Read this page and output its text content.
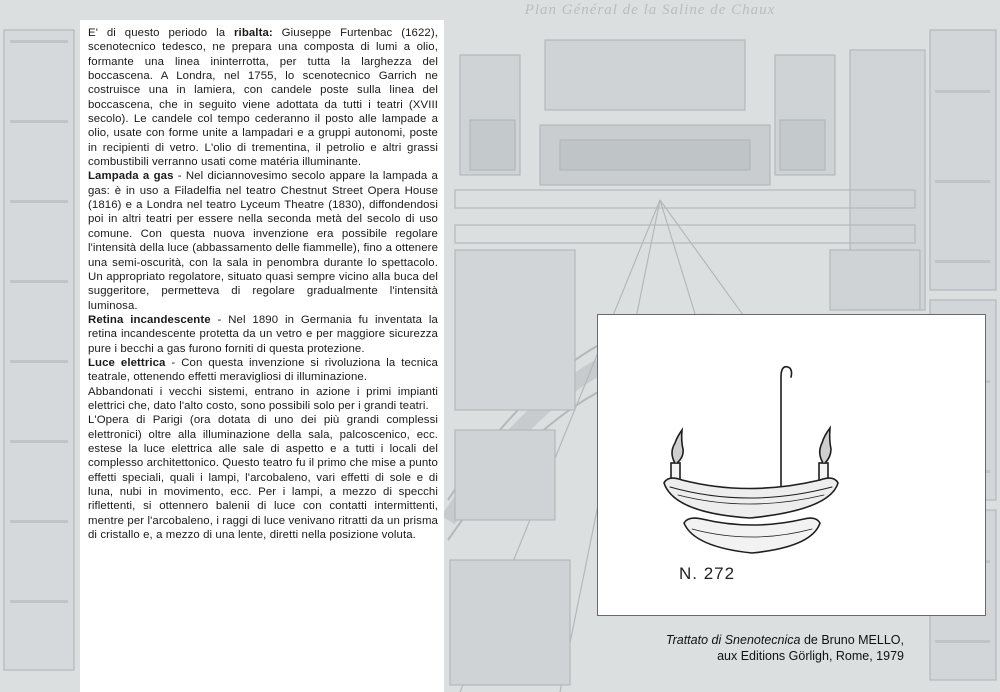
Plan Général de la Saline de Chaux

E' di questo periodo la ribalta: Giuseppe Furtenbac (1622), scenotecnico tedesco, ne prepara una composta di lumi a olio, formante una linea ininterrotta, per tutta la larghezza del boccascena. A Londra, nel 1755, lo scenotecnico Garrich ne costruisce una in lamiera, con candele poste sulla linea del boccascena, che in seguito viene adottata da tutti i teatri (XVIII secolo). Le candele col tempo cederanno il posto alle lampade a olio, usate con forme unite a lampadari e a gruppi autonomi, poste in recipienti di vetro. L'olio di trementina, il petrolio e altri grassi combustibili verranno usati come matéria illuminante.

Lampada a gas - Nel diciannovesimo secolo appare la lampada a gas: è in uso a Filadelfia nel teatro Chestnut Street Opera House (1816) e a Londra nel teatro Lyceum Theatre (1830), diffondendosi poi in altri teatri per essere nella seconda metà del secolo di uso comune. Con questa nuova invenzione era possibile regolare l'intensità della luce (abbassamento delle fiammelle), fino a ottenere una semi-oscurità, con la sala in penombra durante lo spettacolo. Un appropriato regolatore, situato quasi sempre vicino alla buca del suggeritore, permetteva di regolare gradualmente l'intensità luminosa.

Retina incandescente - Nel 1890 in Germania fu inventata la retina incandescente protetta da un vetro e per maggiore sicurezza pure i becchi a gas furono forniti di questa protezione.

Luce elettrica - Con questa invenzione si rivoluziona la tecnica teatrale, ottenendo effetti meravigliosi di illuminazione.

Abbandonati i vecchi sistemi, entrano in azione i primi impianti elettrici che, dato l'alto costo, sono possibili solo per i grandi teatri.

L'Opera di Parigi (ora dotata di uno dei più grandi complessi elettronici) oltre alla illuminazione della sala, palcoscenico, ecc. estese la luce elettrica alle sale di aspetto e a tutti i locali del complesso architettonico. Questo teatro fu il primo che mise a punto effetti speciali, quali i lampi, l'arcobaleno, vari effetti di sole e di luna, nubi in movimento, ecc. Per i lampi, a mezzo di specchi riflettenti, si ottennero balenii di luce con contatti intermittenti, mentre per l'arcobaleno, i raggi di luce venivano ritratti da un prisma di cristallo e, a mezzo di una lente, diretti nella posizione voluta.

N. 272
Trattato di Snenotecnica de Bruno MELLO,
aux Editions Görligh, Rome, 1979
